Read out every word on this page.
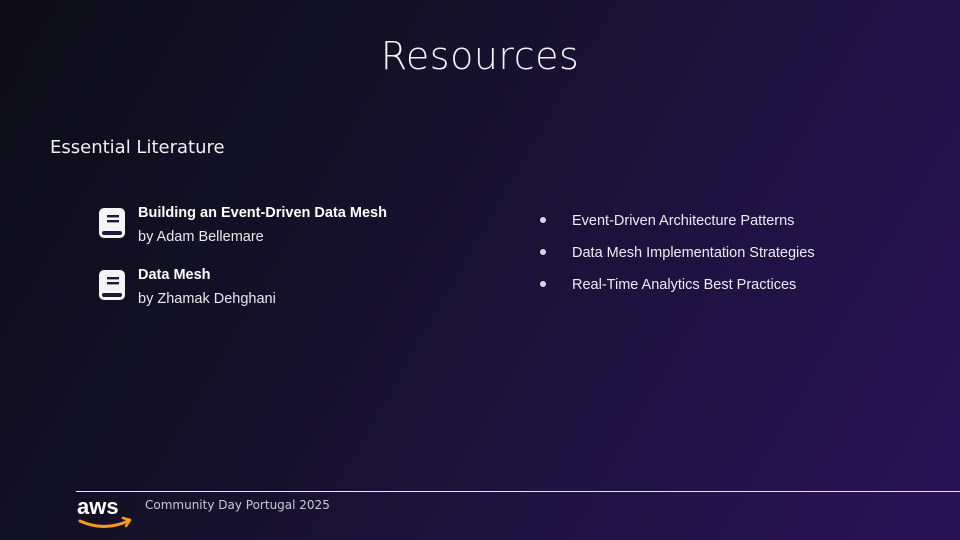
Resources
Essential Literature
Building an Event-Driven Data Mesh
by Adam Bellemare
Data Mesh
by Zhamak Dehghani
Event-Driven Architecture Patterns
Data Mesh Implementation Strategies
Real-Time Analytics Best Practices
aws Community Day Portugal 2025
